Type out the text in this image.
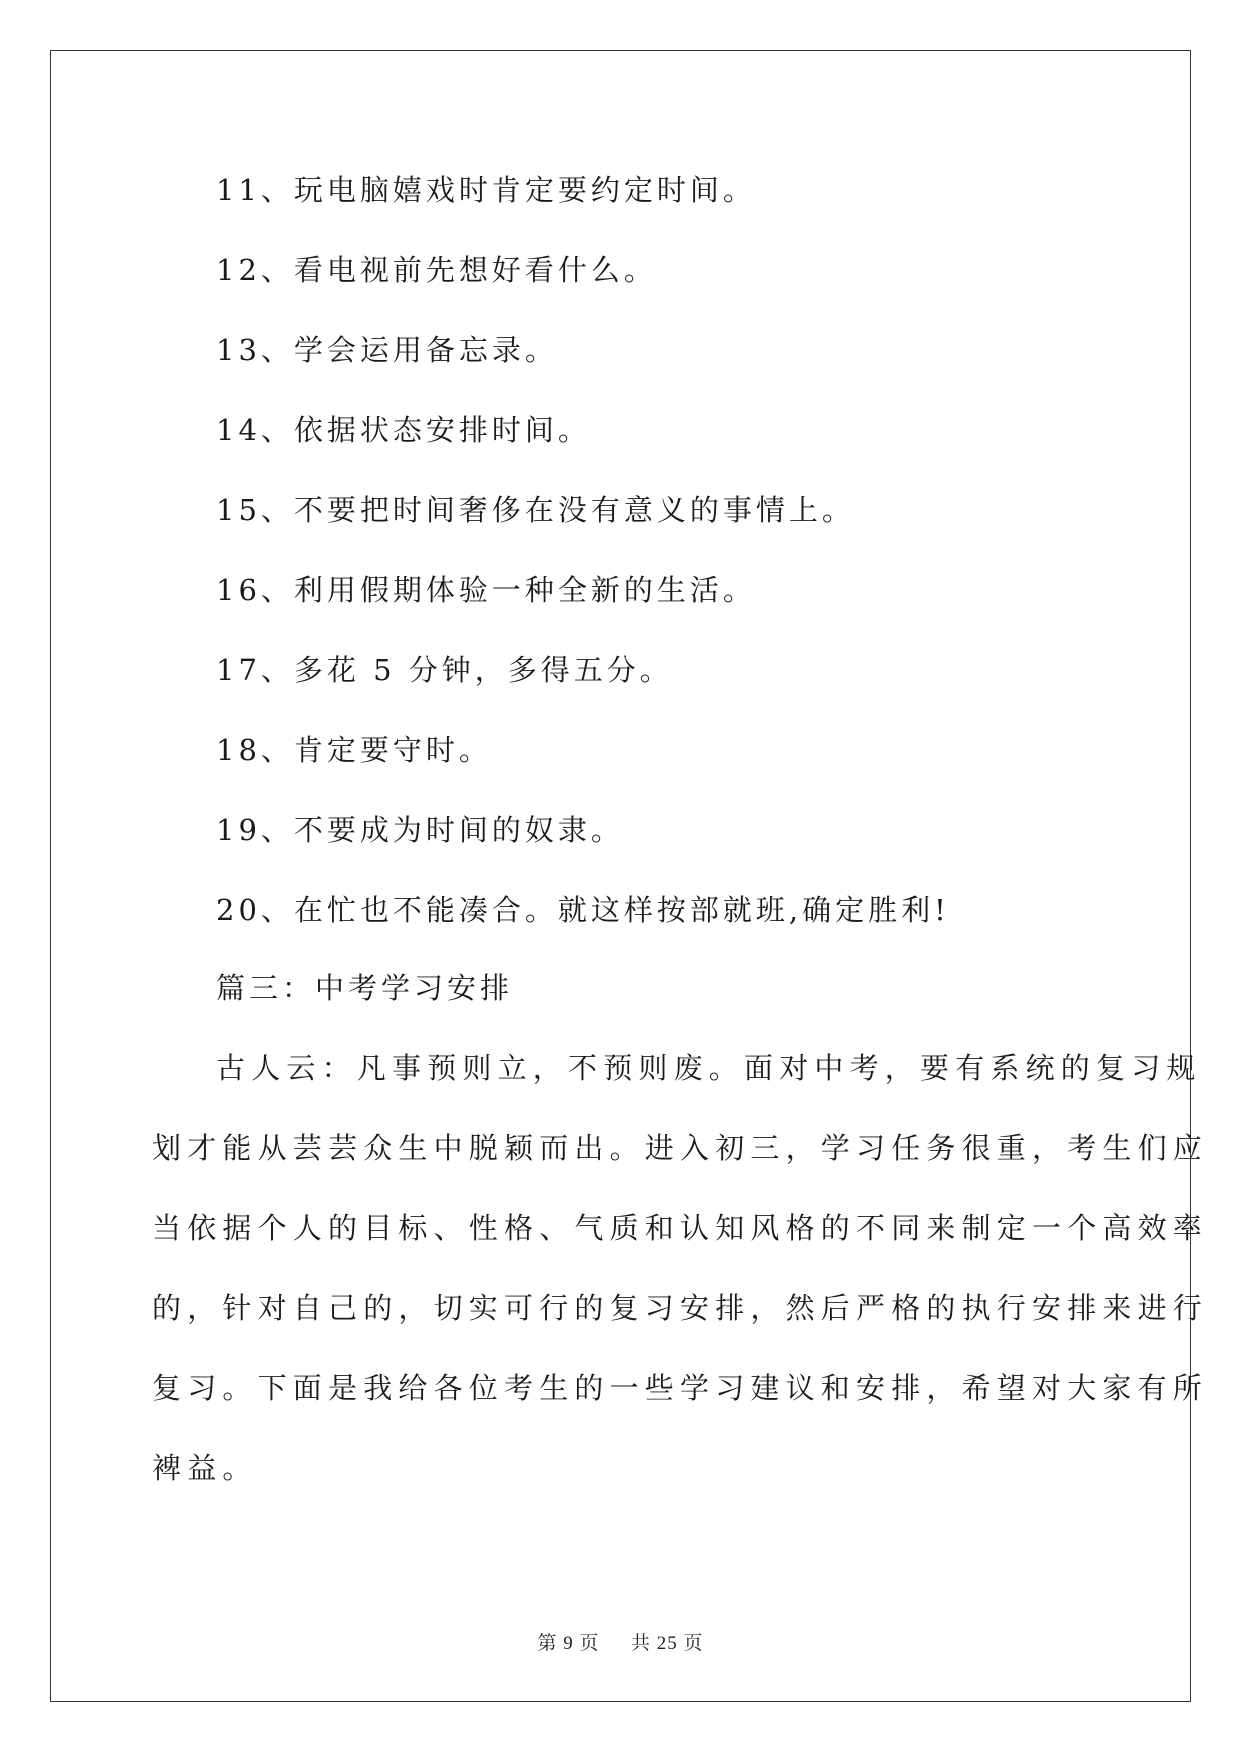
11、玩电脑嬉戏时肯定要约定时间。

12、看电视前先想好看什么。

13、学会运用备忘录。

14、依据状态安排时间。

15、不要把时间奢侈在没有意义的事情上。

16、利用假期体验一种全新的生活。

17、多花 5 分钟，多得五分。

18、肯定要守时。

19、不要成为时间的奴隶。

20、在忙也不能凑合。就这样按部就班,确定胜利!

篇三：中考学习安排

古人云：凡事预则立，不预则废。面对中考，要有系统的复习规

划才能从芸芸众生中脱颖而出。进入初三，学习任务很重，考生们应

当依据个人的目标、性格、气质和认知风格的不同来制定一个高效率

的，针对自己的，切实可行的复习安排，然后严格的执行安排来进行

复习。下面是我给各位考生的一些学习建议和安排，希望对大家有所

裨益。

第 9 页 共 25 页
